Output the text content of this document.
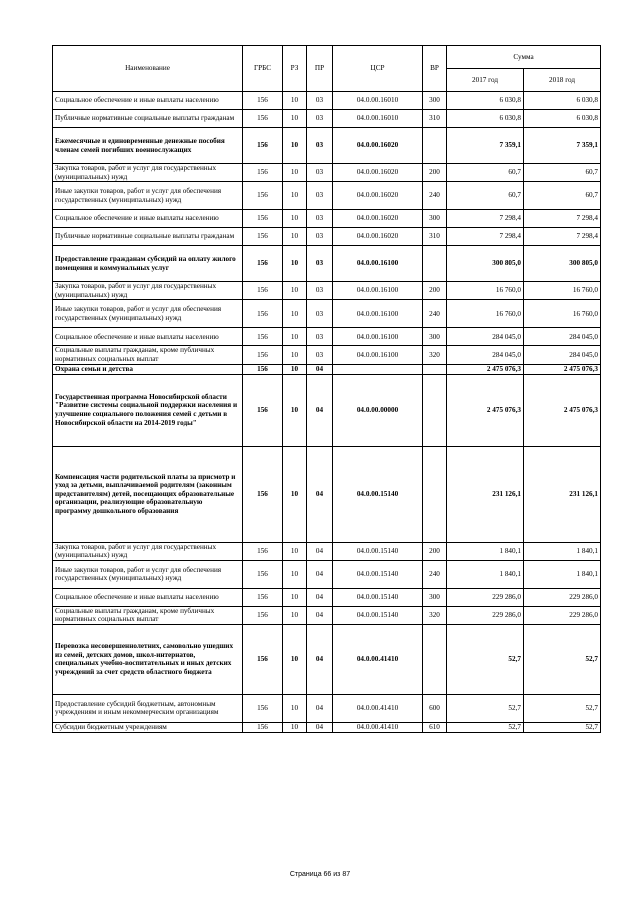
Наименование	ГРБС	РЗ	ПР	ЦСР	ВР	Сумма	
						2017 год	2018 год
Социальное обеспечение и иные выплаты населению	156	10	03	04.0.00.16010	300	6 030,8	6 030,8
Публичные нормативные социальные выплаты гражданам	156	10	03	04.0.00.16010	310	6 030,8	6 030,8
Ежемесячные и единовременные денежные пособия членам семей погибших военнослужащих	156	10	03	04.0.00.16020		7 359,1	7 359,1
Закупка товаров, работ и услуг для государственных (муниципальных) нужд	156	10	03	04.0.00.16020	200	60,7	60,7
Иные закупки товаров, работ и услуг для обеспечения государственных (муниципальных) нужд	156	10	03	04.0.00.16020	240	60,7	60,7
Социальное обеспечение и иные выплаты населению	156	10	03	04.0.00.16020	300	7 298,4	7 298,4
Публичные нормативные социальные выплаты гражданам	156	10	03	04.0.00.16020	310	7 298,4	7 298,4
Предоставление гражданам субсидий на оплату жилого помещения и коммунальных услуг	156	10	03	04.0.00.16100		300 805,0	300 805,0
Закупка товаров, работ и услуг для государственных (муниципальных) нужд	156	10	03	04.0.00.16100	200	16 760,0	16 760,0
Иные закупки товаров, работ и услуг для обеспечения государственных (муниципальных) нужд	156	10	03	04.0.00.16100	240	16 760,0	16 760,0
Социальное обеспечение и иные выплаты населению	156	10	03	04.0.00.16100	300	284 045,0	284 045,0
Социальные выплаты гражданам, кроме публичных нормативных социальных выплат	156	10	03	04.0.00.16100	320	284 045,0	284 045,0
Охрана семьи и детства	156	10	04			2 475 076,3	2 475 076,3
Государственная программа Новосибирской области "Развитие системы социальной поддержки населения и улучшение социального положения семей с детьми в Новосибирской области на 2014-2019 годы"	156	10	04	04.0.00.00000		2 475 076,3	2 475 076,3
Компенсация части родительской платы за присмотр и уход за детьми, выплачиваемой родителям (законным представителям) детей, посещающих образовательные организации, реализующие образовательную программу дошкольного образования	156	10	04	04.0.00.15140		231 126,1	231 126,1
Закупка товаров, работ и услуг для государственных (муниципальных) нужд	156	10	04	04.0.00.15140	200	1 840,1	1 840,1
Иные закупки товаров, работ и услуг для обеспечения государственных (муниципальных) нужд	156	10	04	04.0.00.15140	240	1 840,1	1 840,1
Социальное обеспечение и иные выплаты населению	156	10	04	04.0.00.15140	300	229 286,0	229 286,0
Социальные выплаты гражданам, кроме публичных нормативных социальных выплат	156	10	04	04.0.00.15140	320	229 286,0	229 286,0
Перевозка несовершеннолетних, самовольно ушедших из семей, детских домов, школ-интернатов, специальных учебно-воспитательных и иных детских учреждений за счет средств областного бюджета	156	10	04	04.0.00.41410		52,7	52,7
Предоставление субсидий бюджетным, автономным учреждениям и иным некоммерческим организациям	156	10	04	04.0.00.41410	600	52,7	52,7
Субсидии бюджетным учреждениям	156	10	04	04.0.00.41410	610	52,7	52,7
Страница 66 из 87
